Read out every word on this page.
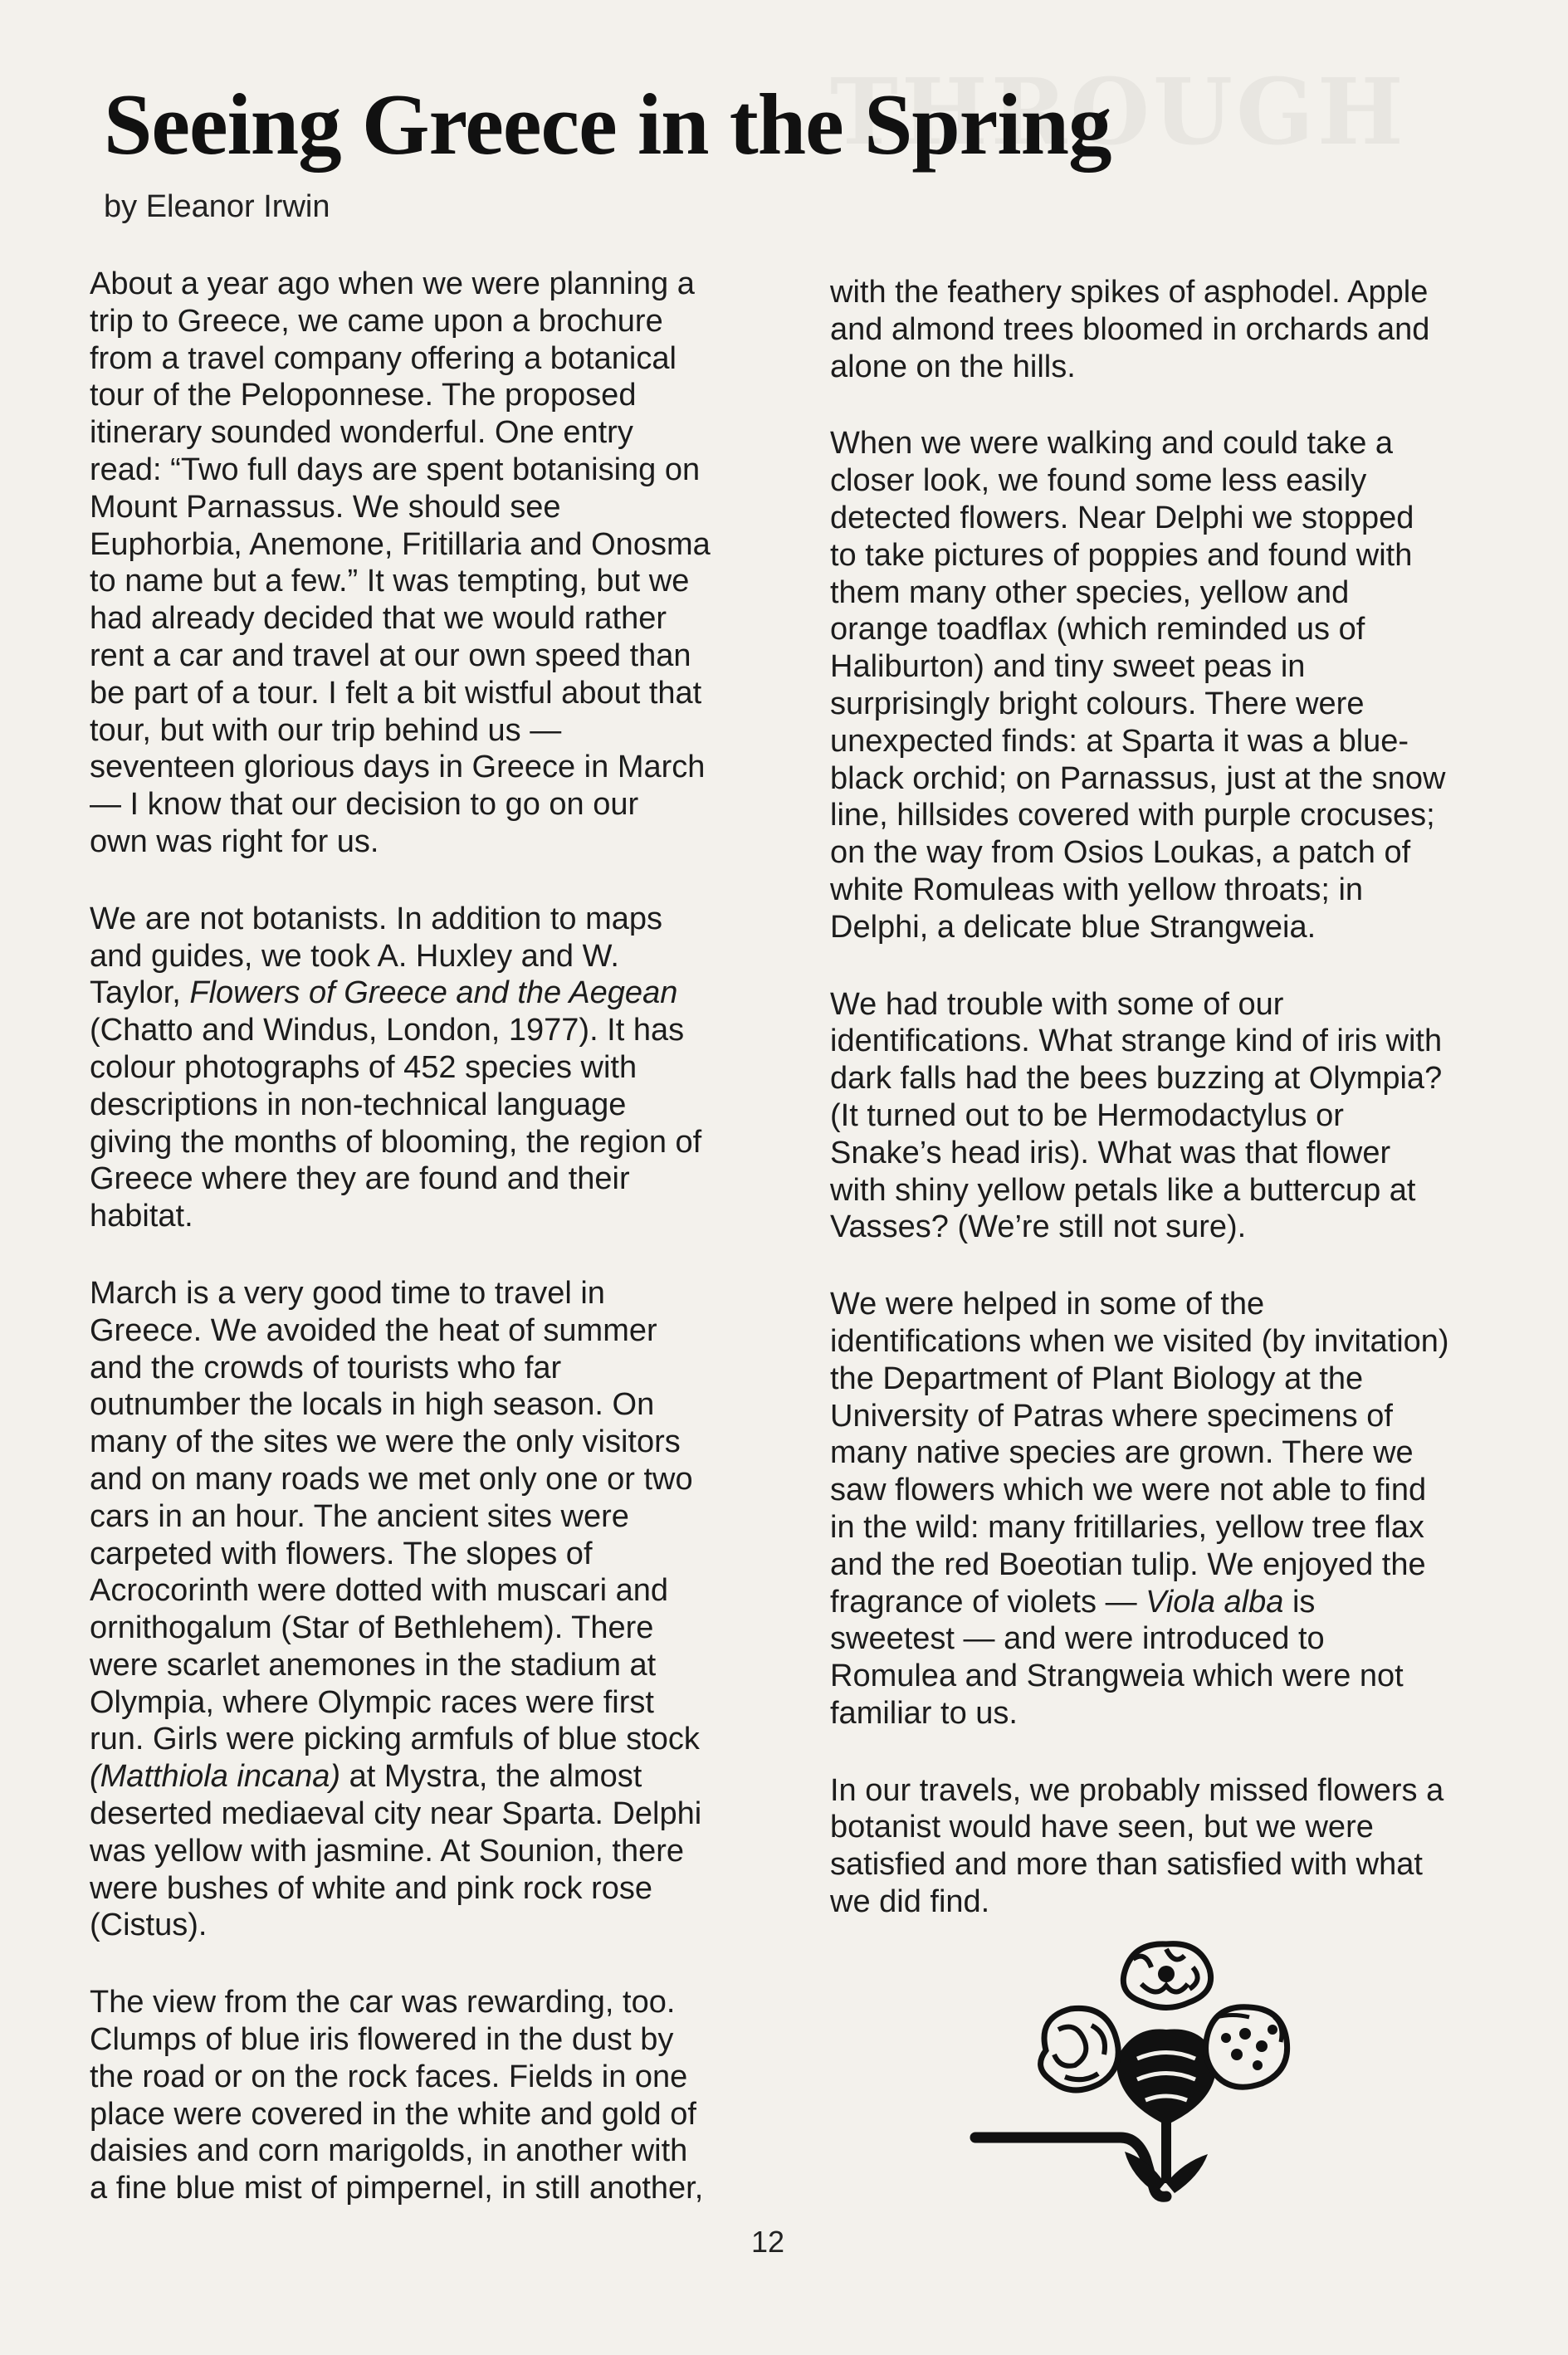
Seeing Greece in the Spring
by Eleanor Irwin

About a year ago when we were planning a
trip to Greece, we came upon a brochure
from a travel company offering a botanical
tour of the Peloponnese. The proposed
itinerary sounded wonderful. One entry
read: “Two full days are spent botanising on
Mount Parnassus. We should see
Euphorbia, Anemone, Fritillaria and Onosma
to name but a few.” It was tempting, but we
had already decided that we would rather
rent a car and travel at our own speed than
be part of a tour. I felt a bit wistful about that
tour, but with our trip behind us —
seventeen glorious days in Greece in March
— I know that our decision to go on our
own was right for us.

We are not botanists. In addition to maps
and guides, we took A. Huxley and W.
Taylor, Flowers of Greece and the Aegean
(Chatto and Windus, London, 1977). It has
colour photographs of 452 species with
descriptions in non-technical language
giving the months of blooming, the region of
Greece where they are found and their
habitat.

March is a very good time to travel in
Greece. We avoided the heat of summer
and the crowds of tourists who far
outnumber the locals in high season. On
many of the sites we were the only visitors
and on many roads we met only one or two
cars in an hour. The ancient sites were
carpeted with flowers. The slopes of
Acrocorinth were dotted with muscari and
ornithogalum (Star of Bethlehem). There
were scarlet anemones in the stadium at
Olympia, where Olympic races were first
run. Girls were picking armfuls of blue stock
(Matthiola incana) at Mystra, the almost
deserted mediaeval city near Sparta. Delphi
was yellow with jasmine. At Sounion, there
were bushes of white and pink rock rose
(Cistus).

The view from the car was rewarding, too.
Clumps of blue iris flowered in the dust by
the road or on the rock faces. Fields in one
place were covered in the white and gold of
daisies and corn marigolds, in another with
a fine blue mist of pimpernel, in still another,

with the feathery spikes of asphodel. Apple
and almond trees bloomed in orchards and
alone on the hills.

When we were walking and could take a
closer look, we found some less easily
detected flowers. Near Delphi we stopped
to take pictures of poppies and found with
them many other species, yellow and
orange toadflax (which reminded us of
Haliburton) and tiny sweet peas in
surprisingly bright colours. There were
unexpected finds: at Sparta it was a blue-
black orchid; on Parnassus, just at the snow
line, hillsides covered with purple crocuses;
on the way from Osios Loukas, a patch of
white Romuleas with yellow throats; in
Delphi, a delicate blue Strangweia.

We had trouble with some of our
identifications. What strange kind of iris with
dark falls had the bees buzzing at Olympia?
(It turned out to be Hermodactylus or
Snake’s head iris). What was that flower
with shiny yellow petals like a buttercup at
Vasses? (We’re still not sure).

We were helped in some of the
identifications when we visited (by invitation)
the Department of Plant Biology at the
University of Patras where specimens of
many native species are grown. There we
saw flowers which we were not able to find
in the wild: many fritillaries, yellow tree flax
and the red Boeotian tulip. We enjoyed the
fragrance of violets — Viola alba is
sweetest — and were introduced to
Romulea and Strangweia which were not
familiar to us.

In our travels, we probably missed flowers a
botanist would have seen, but we were
satisfied and more than satisfied with what
we did find.

12
